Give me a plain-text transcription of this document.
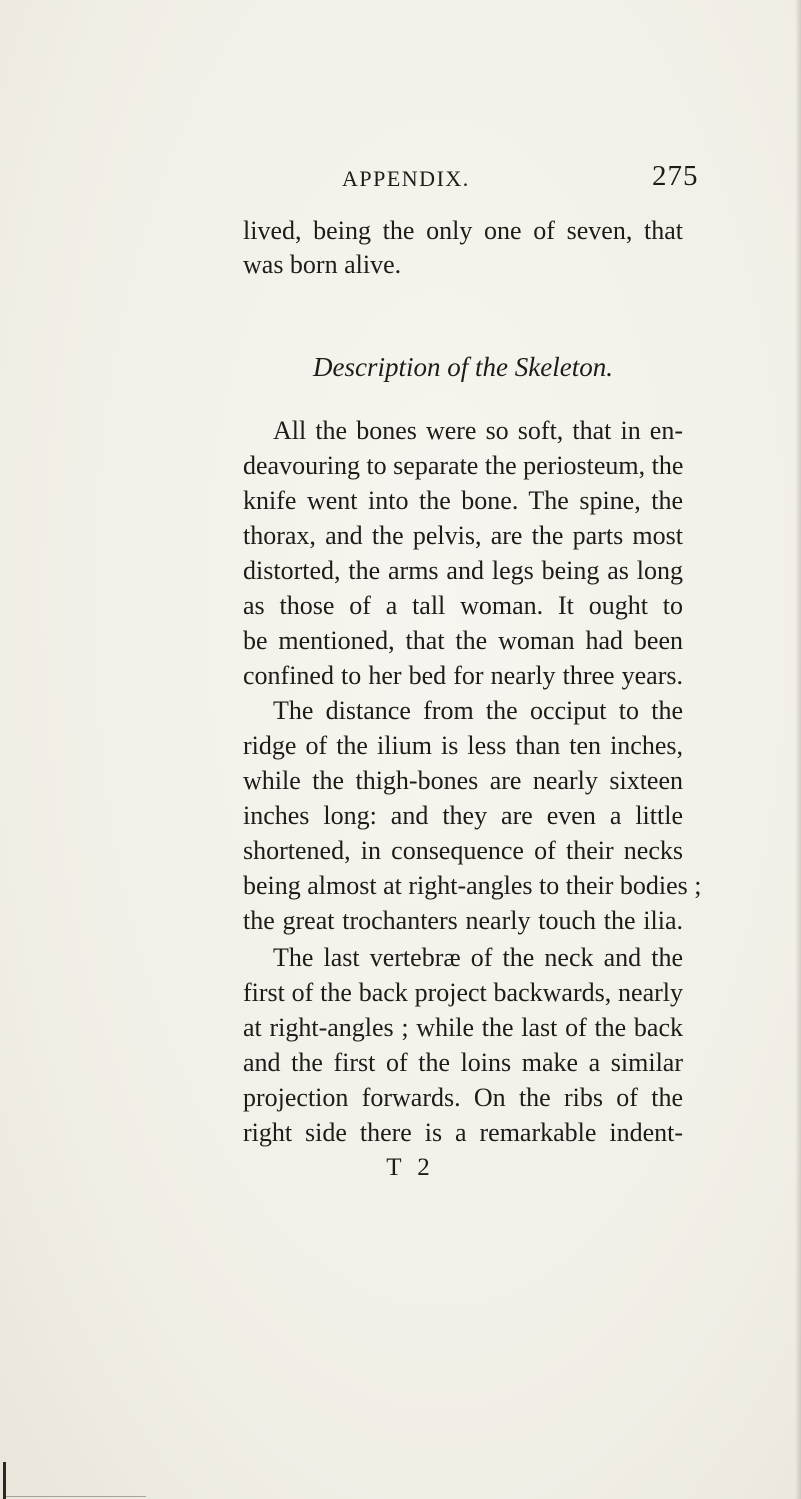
APPENDIX.	275
lived, being the only one of seven, that
was born alive.
Description of the Skeleton.
All the bones were so soft, that in en-
deavouring to separate the periosteum, the
knife went into the bone. The spine, the
thorax, and the pelvis, are the parts most
distorted, the arms and legs being as long
as those of a tall woman. It ought to
be mentioned, that the woman had been
confined to her bed for nearly three years.
The distance from the occiput to the
ridge of the ilium is less than ten inches,
while the thigh-bones are nearly sixteen
inches long: and they are even a little
shortened, in consequence of their necks
being almost at right-angles to their bodies ;
the great trochanters nearly touch the ilia.
The last vertebræ of the neck and the
first of the back project backwards, nearly
at right-angles ; while the last of the back
and the first of the loins make a similar
projection forwards. On the ribs of the
right side there is a remarkable indent-
T 2
